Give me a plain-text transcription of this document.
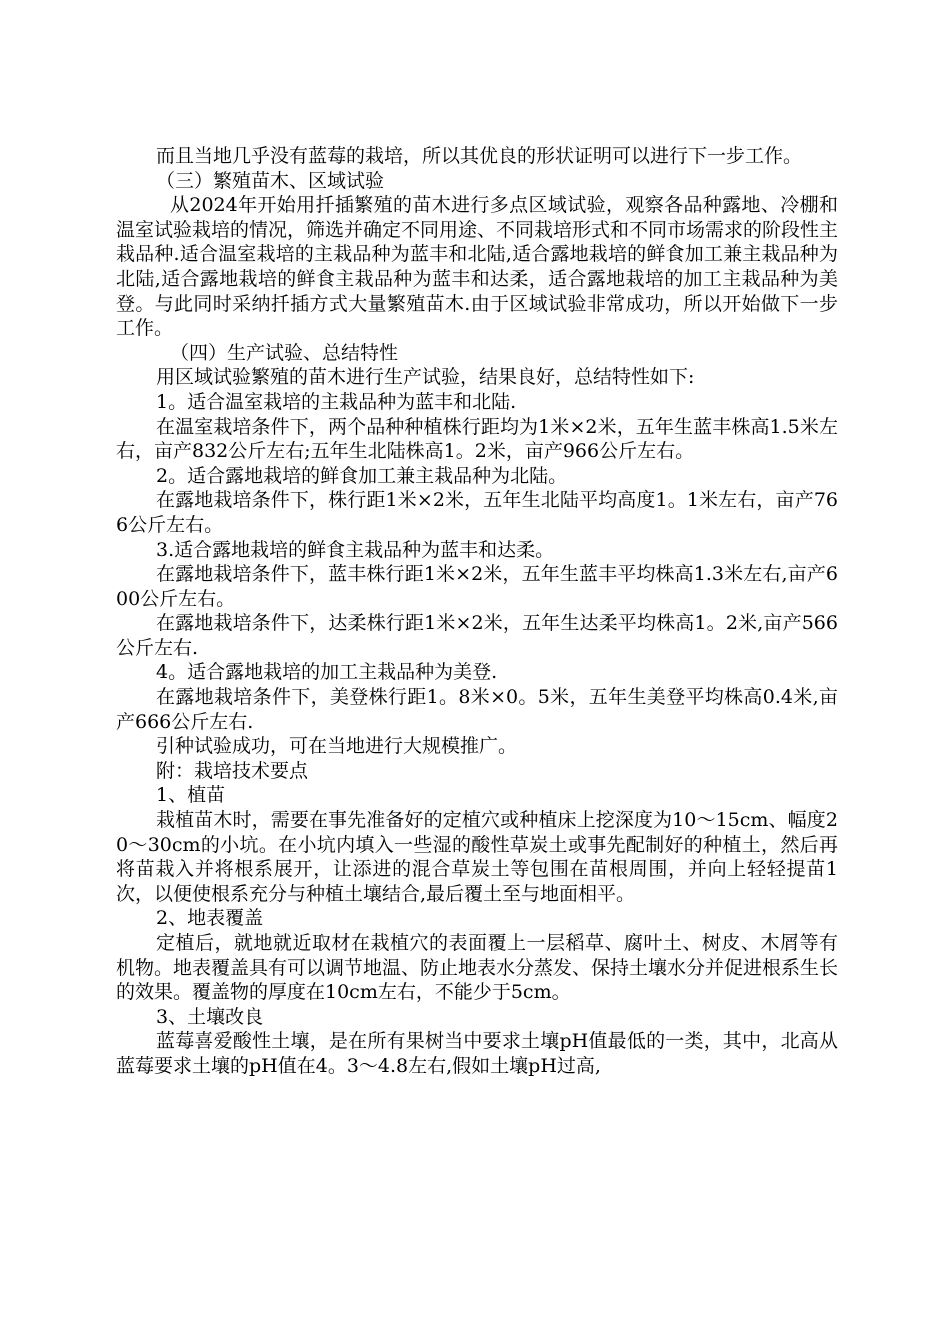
而且当地几乎没有蓝莓的栽培，所以其优良的形状证明可以进行下一步工作。

（三）繁殖苗木、区域试验

从2024年开始用扦插繁殖的苗木进行多点区域试验，观察各品种露地、冷棚和温室试验栽培的情况，筛选并确定不同用途、不同栽培形式和不同市场需求的阶段性主栽品种.适合温室栽培的主栽品种为蓝丰和北陆,适合露地栽培的鲜食加工兼主栽品种为北陆,适合露地栽培的鲜食主栽品种为蓝丰和达柔，适合露地栽培的加工主栽品种为美登。与此同时采纳扦插方式大量繁殖苗木.由于区域试验非常成功，所以开始做下一步工作。

（四）生产试验、总结特性

用区域试验繁殖的苗木进行生产试验，结果良好，总结特性如下:

1。适合温室栽培的主栽品种为蓝丰和北陆.

在温室栽培条件下，两个品种种植株行距均为1米×2米，五年生蓝丰株高1.5米左右，亩产832公斤左右;五年生北陆株高1。2米，亩产966公斤左右。

2。适合露地栽培的鲜食加工兼主栽品种为北陆。

在露地栽培条件下，株行距1米×2米，五年生北陆平均高度1。1米左右，亩产766公斤左右。

3.适合露地栽培的鲜食主栽品种为蓝丰和达柔。

在露地栽培条件下，蓝丰株行距1米×2米，五年生蓝丰平均株高1.3米左右,亩产600公斤左右。

在露地栽培条件下，达柔株行距1米×2米，五年生达柔平均株高1。2米,亩产566公斤左右.

4。适合露地栽培的加工主栽品种为美登.

在露地栽培条件下，美登株行距1。8米×0。5米，五年生美登平均株高0.4米,亩产666公斤左右.

引种试验成功，可在当地进行大规模推广。

附：栽培技术要点

1、植苗

栽植苗木时，需要在事先准备好的定植穴或种植床上挖深度为10～15cm、幅度20～30cm的小坑。在小坑内填入一些湿的酸性草炭土或事先配制好的种植土，然后再将苗栽入并将根系展开，让添进的混合草炭土等包围在苗根周围，并向上轻轻提苗1次，以便使根系充分与种植土壤结合,最后覆土至与地面相平。

2、地表覆盖

定植后，就地就近取材在栽植穴的表面覆上一层稻草、腐叶土、树皮、木屑等有机物。地表覆盖具有可以调节地温、防止地表水分蒸发、保持土壤水分并促进根系生长的效果。覆盖物的厚度在10cm左右，不能少于5cm。

3、土壤改良

蓝莓喜爱酸性土壤，是在所有果树当中要求土壤pH值最低的一类，其中，北高从蓝莓要求土壤的pH值在4。3～4.8左右,假如土壤pH过高,
